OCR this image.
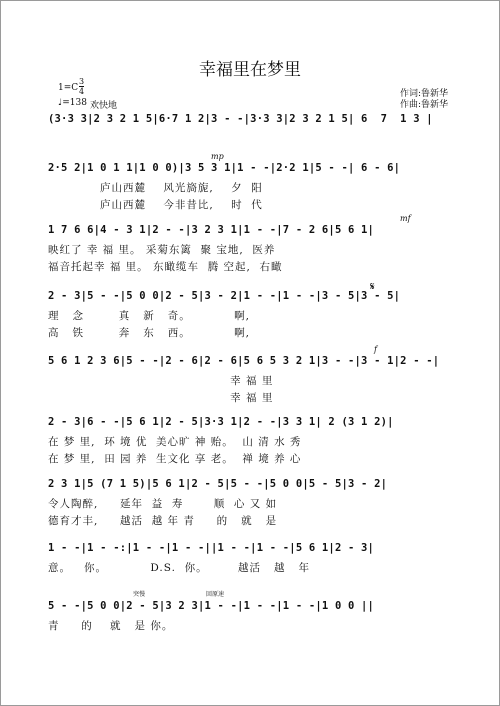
幸福里在梦里
作词:鲁新华
作曲:鲁新华
$1=C \frac{3}{4}$
♩=138 欢快地
(3·3 3|2 3 2 1 5|6·7 1 2|3 - -|3·3 3|2 3 2 1 5| 6  7  1 3 |
2·5 2|1 0 1 1|1 0 0)|3 5 3 1|1 - -|2·2 1|5 - -| 6 - 6|
庐山西麓    风光旖旎,    夕  阳
庐山西麓    今非昔比,    时  代
mp
1 7 6 6|4 - 3 1|2 - -|3 2 3 1|1 - -|7 - 2 6|5 6 1|
映红了 幸 福 里。 采菊东篱  聚 宝地,  医养
福音托起幸 福 里。 东瞰缆车  腾 空起,  右瞰
mf
2 - 3|5 - -|5 0 0|2 - 5|3 - 2|1 - -|1 - -|3 - 5|3 - 5|
理   念        真   新   奇。          啊,
高   铁        奔   东   西。          啊,
𝄋
5 6 1 2 3 6|5 - -|2 - 6|2 - 6|5 6 5 3 2 1|3 - -|3 - 1|2 - -|
幸 福 里
幸 福 里
f
2 - 3|6 - -|5 6 1|2 - 5|3·3 1|2 - -|3 3 1| 2 (3 1 2)|
在 梦 里,  环 境 优  美心旷 神 贻。  山 清 水 秀
在 梦 里,  田 园 养  生文化 享 老。  禅 境 养 心
2 3 1|5 (7 1 5)|5 6 1|2 - 5|5 - -|5 0 0|5 - 5|3 - 2|
令人陶醉,     延年  益  寿       顺  心 又 如
德育才丰,     越活  越 年 青     的   就   是
1 - -|1 - -:|1 - -|1 - -||1 - -|1 - -|5 6 1|2 - 3|
意。   你。          D.S.  你。       越活   越   年
突慢	回原速
5 - -|5 0 0|2 - 5|3 2 3|1 - -|1 - -|1 - -|1 0 0 ||
青     的    就   是 你。
